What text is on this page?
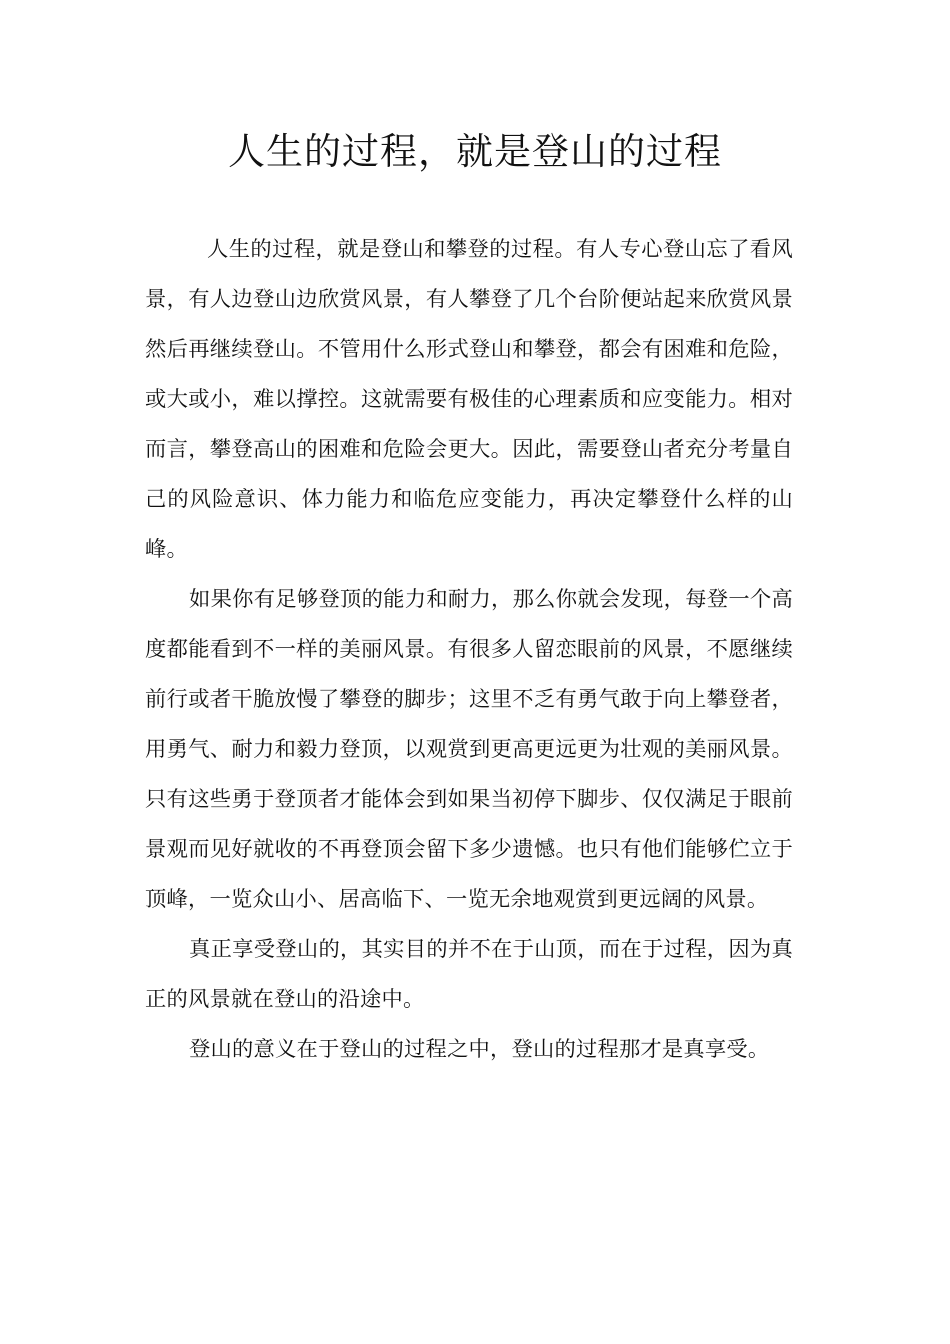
人生的过程，就是登山的过程

人生的过程，就是登山和攀登的过程。有人专心登山忘了看风景，有人边登山边欣赏风景，有人攀登了几个台阶便站起来欣赏风景然后再继续登山。不管用什么形式登山和攀登，都会有困难和危险，或大或小，难以撑控。这就需要有极佳的心理素质和应变能力。相对而言，攀登高山的困难和危险会更大。因此，需要登山者充分考量自己的风险意识、体力能力和临危应变能力，再决定攀登什么样的山峰。

如果你有足够登顶的能力和耐力，那么你就会发现，每登一个高度都能看到不一样的美丽风景。有很多人留恋眼前的风景，不愿继续前行或者干脆放慢了攀登的脚步；这里不乏有勇气敢于向上攀登者，用勇气、耐力和毅力登顶，以观赏到更高更远更为壮观的美丽风景。只有这些勇于登顶者才能体会到如果当初停下脚步、仅仅满足于眼前景观而见好就收的不再登顶会留下多少遗憾。也只有他们能够伫立于顶峰，一览众山小、居高临下、一览无余地观赏到更远阔的风景。

真正享受登山的，其实目的并不在于山顶，而在于过程，因为真正的风景就在登山的沿途中。

登山的意义在于登山的过程之中，登山的过程那才是真享受。
